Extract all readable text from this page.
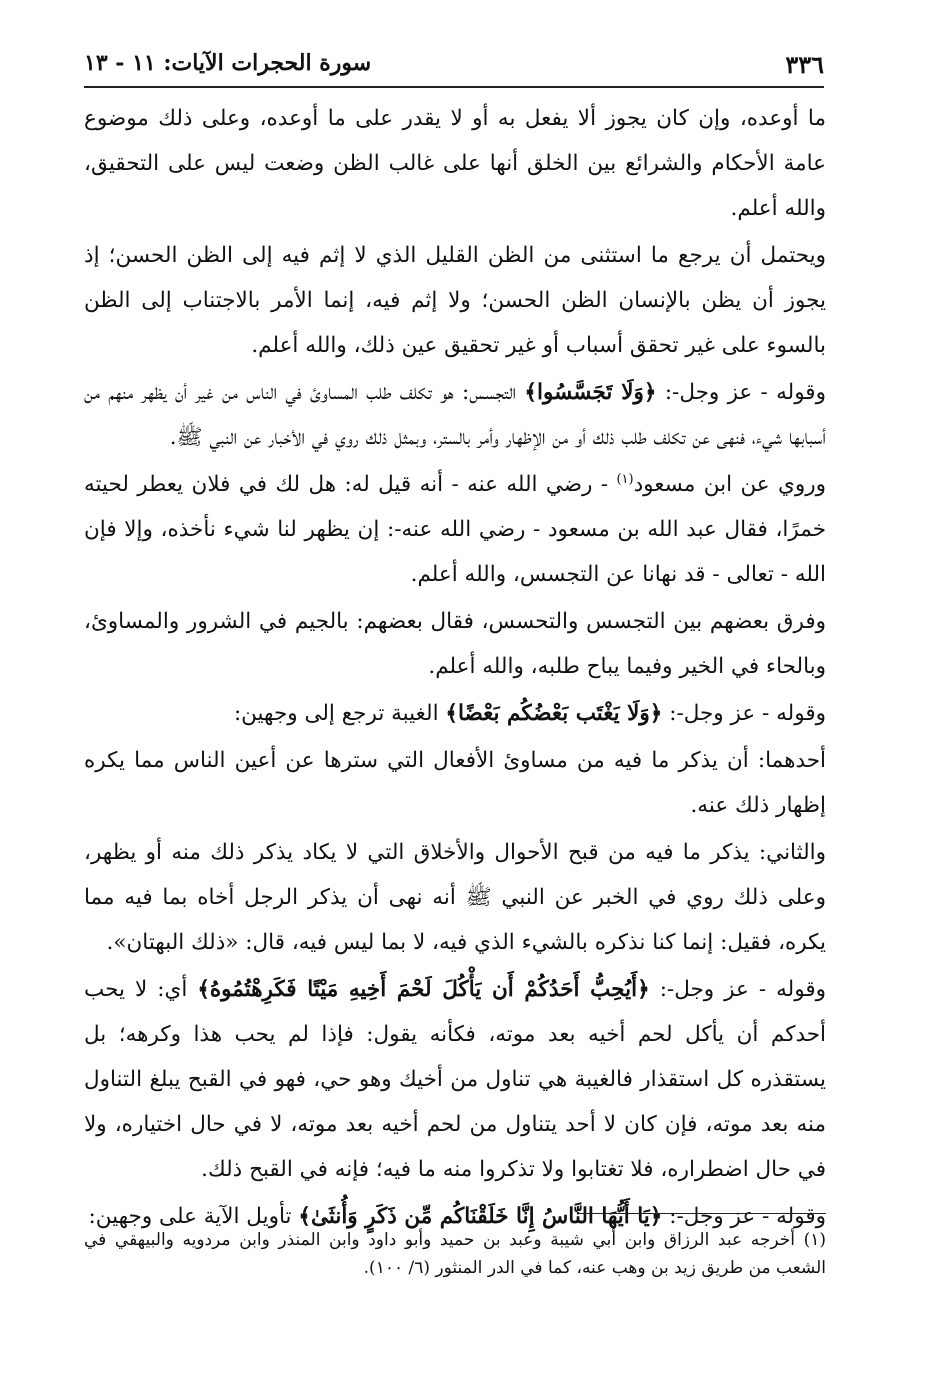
٣٣٦
سورة الحجرات الآيات: ١١ - ١٣

ما أوعده، وإن كان يجوز ألا يفعل به أو لا يقدر على ما أوعده، وعلى ذلك موضوع عامة الأحكام والشرائع بين الخلق أنها على غالب الظن وضعت ليس على التحقيق، والله أعلم.

ويحتمل أن يرجع ما استثنى من الظن القليل الذي لا إثم فيه إلى الظن الحسن؛ إذ يجوز أن يظن بالإنسان الظن الحسن؛ ولا إثم فيه، إنما الأمر بالاجتناب إلى الظن بالسوء على غير تحقق أسباب أو غير تحقيق عين ذلك، والله أعلم.

وقوله - عز وجل-: ﴿وَلَا تَجَسَّسُوا﴾ التجسس: هو تكلف طلب المساوئ في الناس من غير أن يظهر منهم من أسبابها شيء، فنهى عن تكلف طلب ذلك أو من الإظهار وأمر بالستر، وبمثل ذلك روي في الأخبار عن النبي ﷺ.

وروي عن ابن مسعود$^{(١)}$ - رضي الله عنه - أنه قيل له: هل لك في فلان يعطر لحيته خمرًا، فقال عبد الله بن مسعود - رضي الله عنه-: إن يظهر لنا شيء نأخذه، وإلا فإن الله - تعالى - قد نهانا عن التجسس، والله أعلم.

وفرق بعضهم بين التجسس والتحسس، فقال بعضهم: بالجيم في الشرور والمساوئ، وبالحاء في الخير وفيما يباح طلبه، والله أعلم.

وقوله - عز وجل-: ﴿وَلَا يَغْتَب بَعْضُكُم بَعْضًا﴾ الغيبة ترجع إلى وجهين:

أحدهما: أن يذكر ما فيه من مساوئ الأفعال التي سترها عن أعين الناس مما يكره إظهار ذلك عنه.

والثاني: يذكر ما فيه من قبح الأحوال والأخلاق التي لا يكاد يذكر ذلك منه أو يظهر، وعلى ذلك روي في الخبر عن النبي ﷺ أنه نهى أن يذكر الرجل أخاه بما فيه مما يكره، فقيل: إنما كنا نذكره بالشيء الذي فيه، لا بما ليس فيه، قال: «ذلك البهتان».

وقوله - عز وجل-: ﴿أَيُحِبُّ أَحَدُكُمْ أَن يَأْكُلَ لَحْمَ أَخِيهِ مَيْتًا فَكَرِهْتُمُوهُ﴾ أي: لا يحب أحدكم أن يأكل لحم أخيه بعد موته، فكأنه يقول: فإذا لم يحب هذا وكرهه؛ بل يستقذره كل استقذار فالغيبة هي تناول من أخيك وهو حي، فهو في القبح يبلغ التناول منه بعد موته، فإن كان لا أحد يتناول من لحم أخيه بعد موته، لا في حال اختياره، ولا في حال اضطراره، فلا تغتابوا ولا تذكروا منه ما فيه؛ فإنه في القبح ذلك.

وقوله - عز وجل-: ﴿يَا أَيُّهَا النَّاسُ إِنَّا خَلَقْنَاكُم مِّن ذَكَرٍ وَأُنثَىٰ﴾ تأويل الآية على وجهين:

(١) أخرجه عبد الرزاق وابن أبي شيبة وعبد بن حميد وأبو داود وابن المنذر وابن مردويه والبيهقي في الشعب من طريق زيد بن وهب عنه، كما في الدر المنثور (٦/ ١٠٠).
